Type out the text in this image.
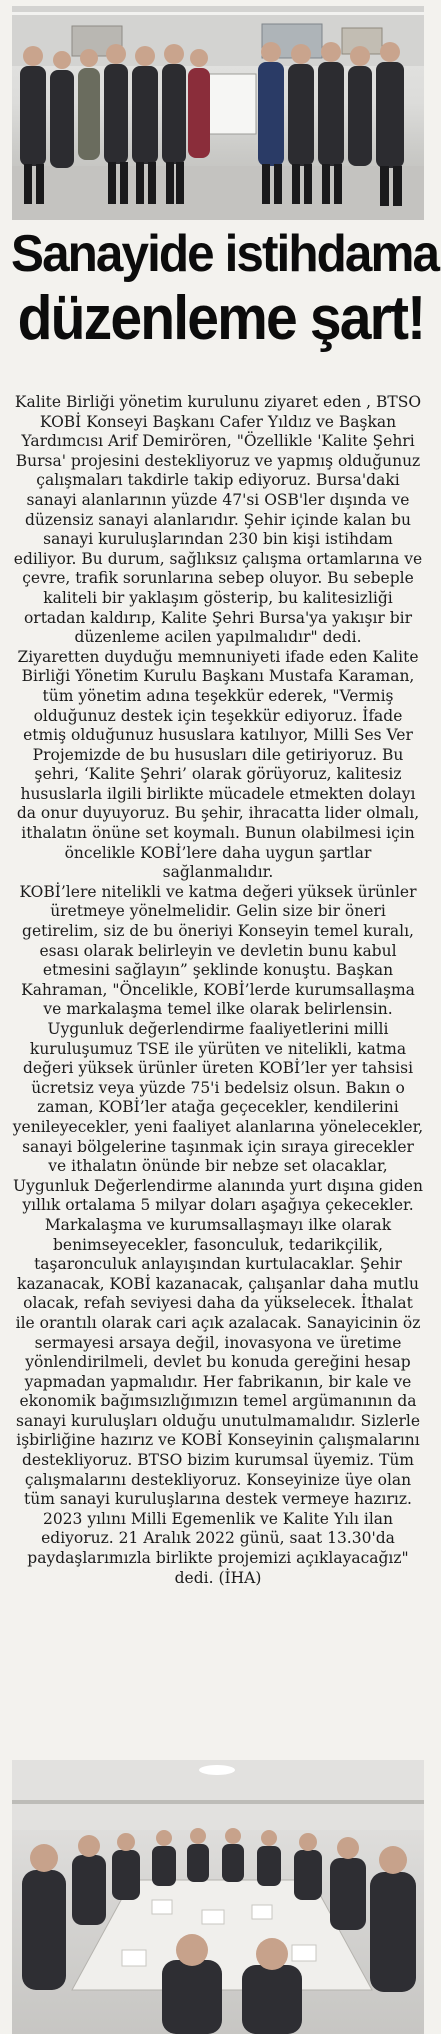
Sanayide istihdama
düzenleme şart!

Kalite Birliği yönetim kurulunu ziyaret eden , BTSO KOBİ Konseyi Başkanı Cafer Yıldız ve Başkan Yardımcısı Arif Demirören, "Özellikle 'Kalite Şehri Bursa' projesini destekliyoruz ve yapmış olduğunuz çalışmaları takdirle takip ediyoruz. Bursa'daki sanayi alanlarının yüzde 47'si OSB'ler dışında ve düzensiz sanayi alanlarıdır. Şehir içinde kalan bu sanayi kuruluşlarından 230 bin kişi istihdam ediliyor. Bu durum, sağlıksız çalışma ortamlarına ve çevre, trafik sorunlarına sebep oluyor. Bu sebeple kaliteli bir yaklaşım gösterip, bu kalitesizliği ortadan kaldırıp, Kalite Şehri Bursa'ya yakışır bir düzenleme acilen yapılmalıdır" dedi.

Ziyaretten duyduğu memnuniyeti ifade eden Kalite Birliği Yönetim Kurulu Başkanı Mustafa Karaman, tüm yönetim adına teşekkür ederek, "Vermiş olduğunuz destek için teşekkür ediyoruz. İfade etmiş olduğunuz hususlara katılıyor, Milli Ses Ver Projemizde de bu hususları dile getiriyoruz. Bu şehri, ‘Kalite Şehri’ olarak görüyoruz, kalitesiz hususlarla ilgili birlikte mücadele etmekten dolayı da onur duyuyoruz. Bu şehir, ihracatta lider olmalı, ithalatın önüne set koymalı. Bunun olabilmesi için öncelikle KOBİ’lere daha uygun şartlar sağlanmalıdır.

KOBİ’lere nitelikli ve katma değeri yüksek ürünler üretmeye yönelmelidir. Gelin size bir öneri getirelim, siz de bu öneriyi Konseyin temel kuralı, esası olarak belirleyin ve devletin bunu kabul etmesini sağlayın” şeklinde konuştu. Başkan Kahraman, "Öncelikle, KOBİ’lerde kurumsallaşma ve markalaşma temel ilke olarak belirlensin. Uygunluk değerlendirme faaliyetlerini milli kuruluşumuz TSE ile yürüten ve nitelikli, katma değeri yüksek ürünler üreten KOBİ’ler yer tahsisi ücretsiz veya yüzde 75'i bedelsiz olsun. Bakın o zaman, KOBİ’ler atağa geçecekler, kendilerini yenileyecekler, yeni faaliyet alanlarına yönelecekler, sanayi bölgelerine taşınmak için sıraya girecekler ve ithalatın önünde bir nebze set olacaklar, Uygunluk Değerlendirme alanında yurt dışına giden yıllık ortalama 5 milyar doları aşağıya çekecekler.

Markalaşma ve kurumsallaşmayı ilke olarak benimseyecekler, fasonculuk, tedarikçilik, taşaronculuk anlayışından kurtulacaklar. Şehir kazanacak, KOBİ kazanacak, çalışanlar daha mutlu olacak, refah seviyesi daha da yükselecek. İthalat ile orantılı olarak cari açık azalacak. Sanayicinin öz sermayesi arsaya değil, inovasyona ve üretime yönlendirilmeli, devlet bu konuda gereğini hesap yapmadan yapmalıdır. Her fabrikanın, bir kale ve ekonomik bağımsızlığımızın temel argümanının da sanayi kuruluşları olduğu unutulmamalıdır. Sizlerle işbirliğine hazırız ve KOBİ Konseyinin çalışmalarını destekliyoruz. BTSO bizim kurumsal üyemiz. Tüm çalışmalarını destekliyoruz. Konseyinize üye olan tüm sanayi kuruluşlarına destek vermeye hazırız. 2023 yılını Milli Egemenlik ve Kalite Yılı ilan ediyoruz. 21 Aralık 2022 günü, saat 13.30'da paydaşlarımızla birlikte projemizi açıklayacağız" dedi. (İHA)
